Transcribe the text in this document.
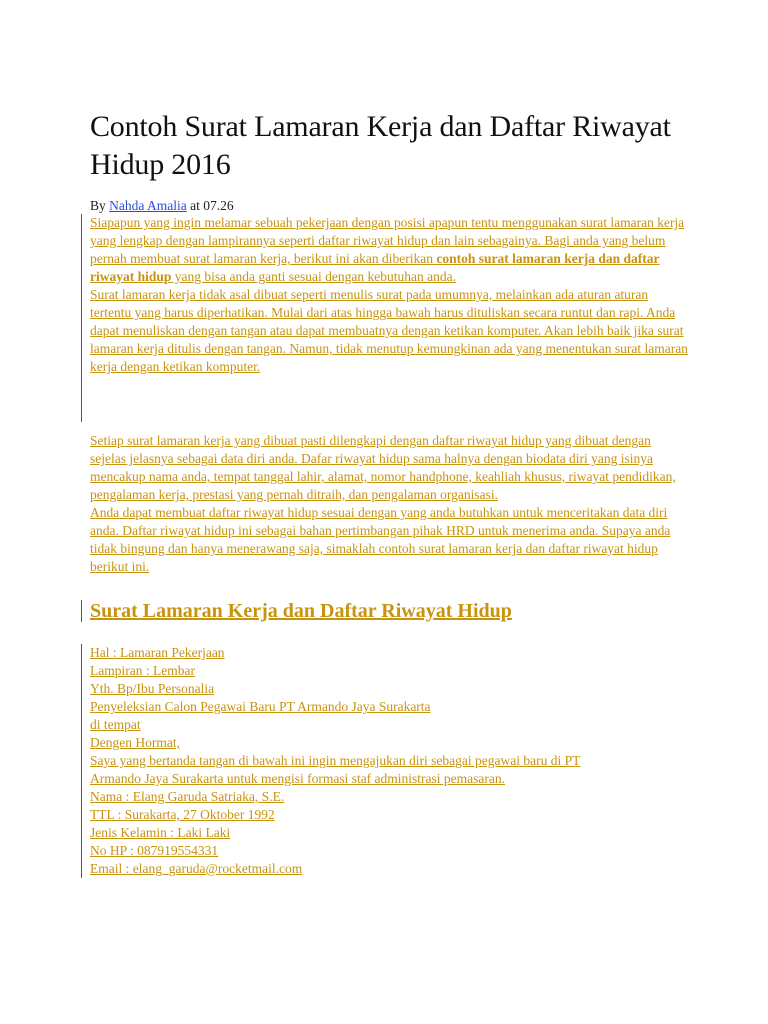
Contoh Surat Lamaran Kerja dan Daftar Riwayat Hidup 2016
By Nahda Amalia at 07.26

Siapapun yang ingin melamar sebuah pekerjaan dengan posisi apapun tentu menggunakan surat lamaran kerja yang lengkap dengan lampirannya seperti daftar riwayat hidup dan lain sebagainya. Bagi anda yang belum pernah membuat surat lamaran kerja, berikut ini akan diberikan contoh surat lamaran kerja dan daftar riwayat hidup yang bisa anda ganti sesuai dengan kebutuhan anda.

Surat lamaran kerja tidak asal dibuat seperti menulis surat pada umumnya, melainkan ada aturan aturan tertentu yang harus diperhatikan. Mulai dari atas hingga bawah harus dituliskan secara runtut dan rapi. Anda dapat menuliskan dengan tangan atau dapat membuatnya dengan ketikan komputer. Akan lebih baik jika surat lamaran kerja ditulis dengan tangan. Namun, tidak menutup kemungkinan ada yang menentukan surat lamaran kerja dengan ketikan komputer.

Setiap surat lamaran kerja yang dibuat pasti dilengkapi dengan daftar riwayat hidup yang dibuat dengan sejelas jelasnya sebagai data diri anda. Dafar riwayat hidup sama halnya dengan biodata diri yang isinya mencakup nama anda, tempat tanggal lahir, alamat, nomor handphone, keahliah khusus, riwayat pendidikan, pengalaman kerja, prestasi yang pernah ditraih, dan pengalaman organisasi.

Anda dapat membuat daftar riwayat hidup sesuai dengan yang anda butuhkan untuk menceritakan data diri anda. Daftar riwayat hidup ini sebagai bahan pertimbangan pihak HRD untuk menerima anda. Supaya anda tidak bingung dan hanya menerawang saja, simaklah contoh surat lamaran kerja dan daftar riwayat hidup berikut ini.

Surat Lamaran Kerja dan Daftar Riwayat Hidup
Hal : Lamaran Pekerjaan
Lampiran : Lembar
Yth. Bp/Ibu Personalia
Penyeleksian Calon Pegawai Baru PT Armando Jaya Surakarta
di tempat
Dengen Hormat,
Saya yang bertanda tangan di bawah ini ingin mengajukan diri sebagai pegawai baru di PT
Armando Jaya Surakarta untuk mengisi formasi staf administrasi pemasaran.
Nama : Elang Garuda Satriaka, S.E.
TTL : Surakarta, 27 Oktober 1992
Jenis Kelamin : Laki Laki
No HP : 087919554331
Email : elang_garuda@rocketmail.com
